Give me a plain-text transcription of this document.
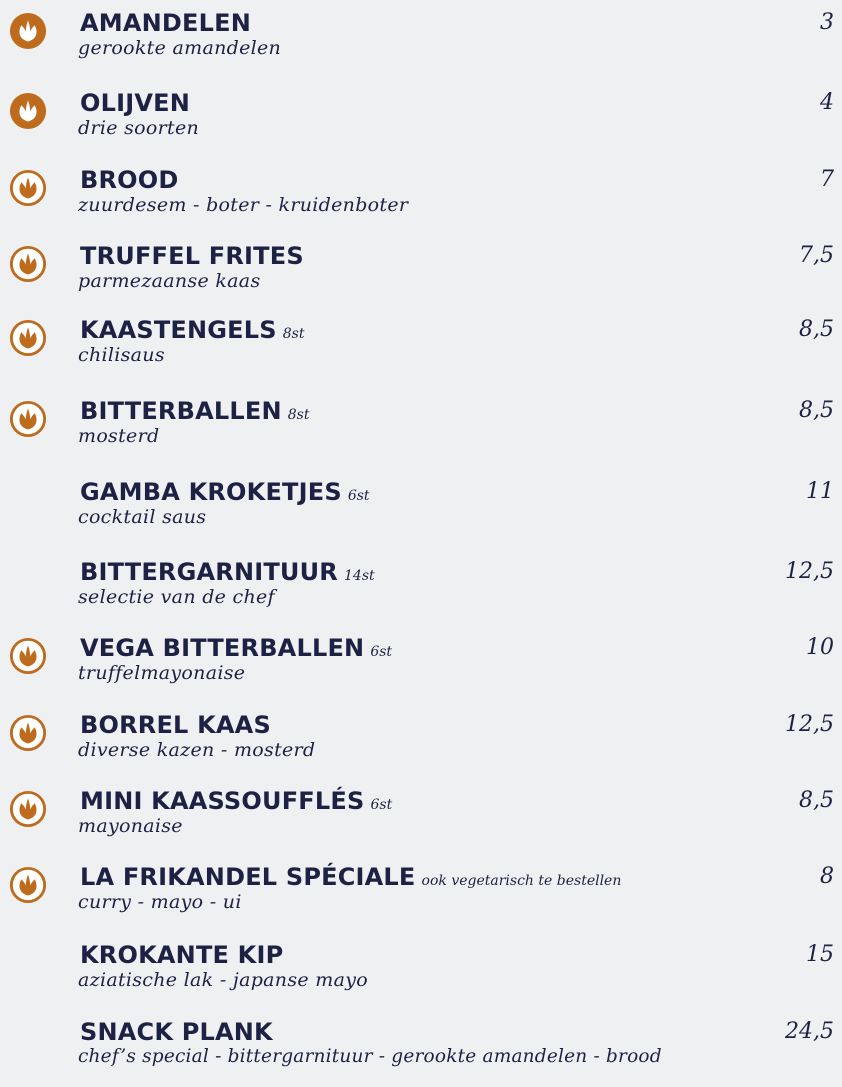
AMANDELEN
gerookte amandelen
3
OLIJVEN
drie soorten
4
BROOD
zuurdesem - boter - kruidenboter
7
TRUFFEL FRITES
parmezaanse kaas
7,5
KAASTENGELS 8st
chilisaus
8,5
BITTERBALLEN 8st
mosterd
8,5
GAMBA KROKETJES 6st
cocktail saus
11
BITTERGARNITUUR 14st
selectie van de chef
12,5
VEGA BITTERBALLEN 6st
truffelmayonaise
10
BORREL KAAS
diverse kazen - mosterd
12,5
MINI KAASSOUFFLÉS 6st
mayonaise
8,5
LA FRIKANDEL SPÉCIALE ook vegetarisch te bestellen
curry - mayo - ui
8
KROKANTE KIP
aziatische lak - japanse mayo
15
SNACK PLANK
chef’s special - bittergarnituur - gerookte amandelen - brood
24,5
